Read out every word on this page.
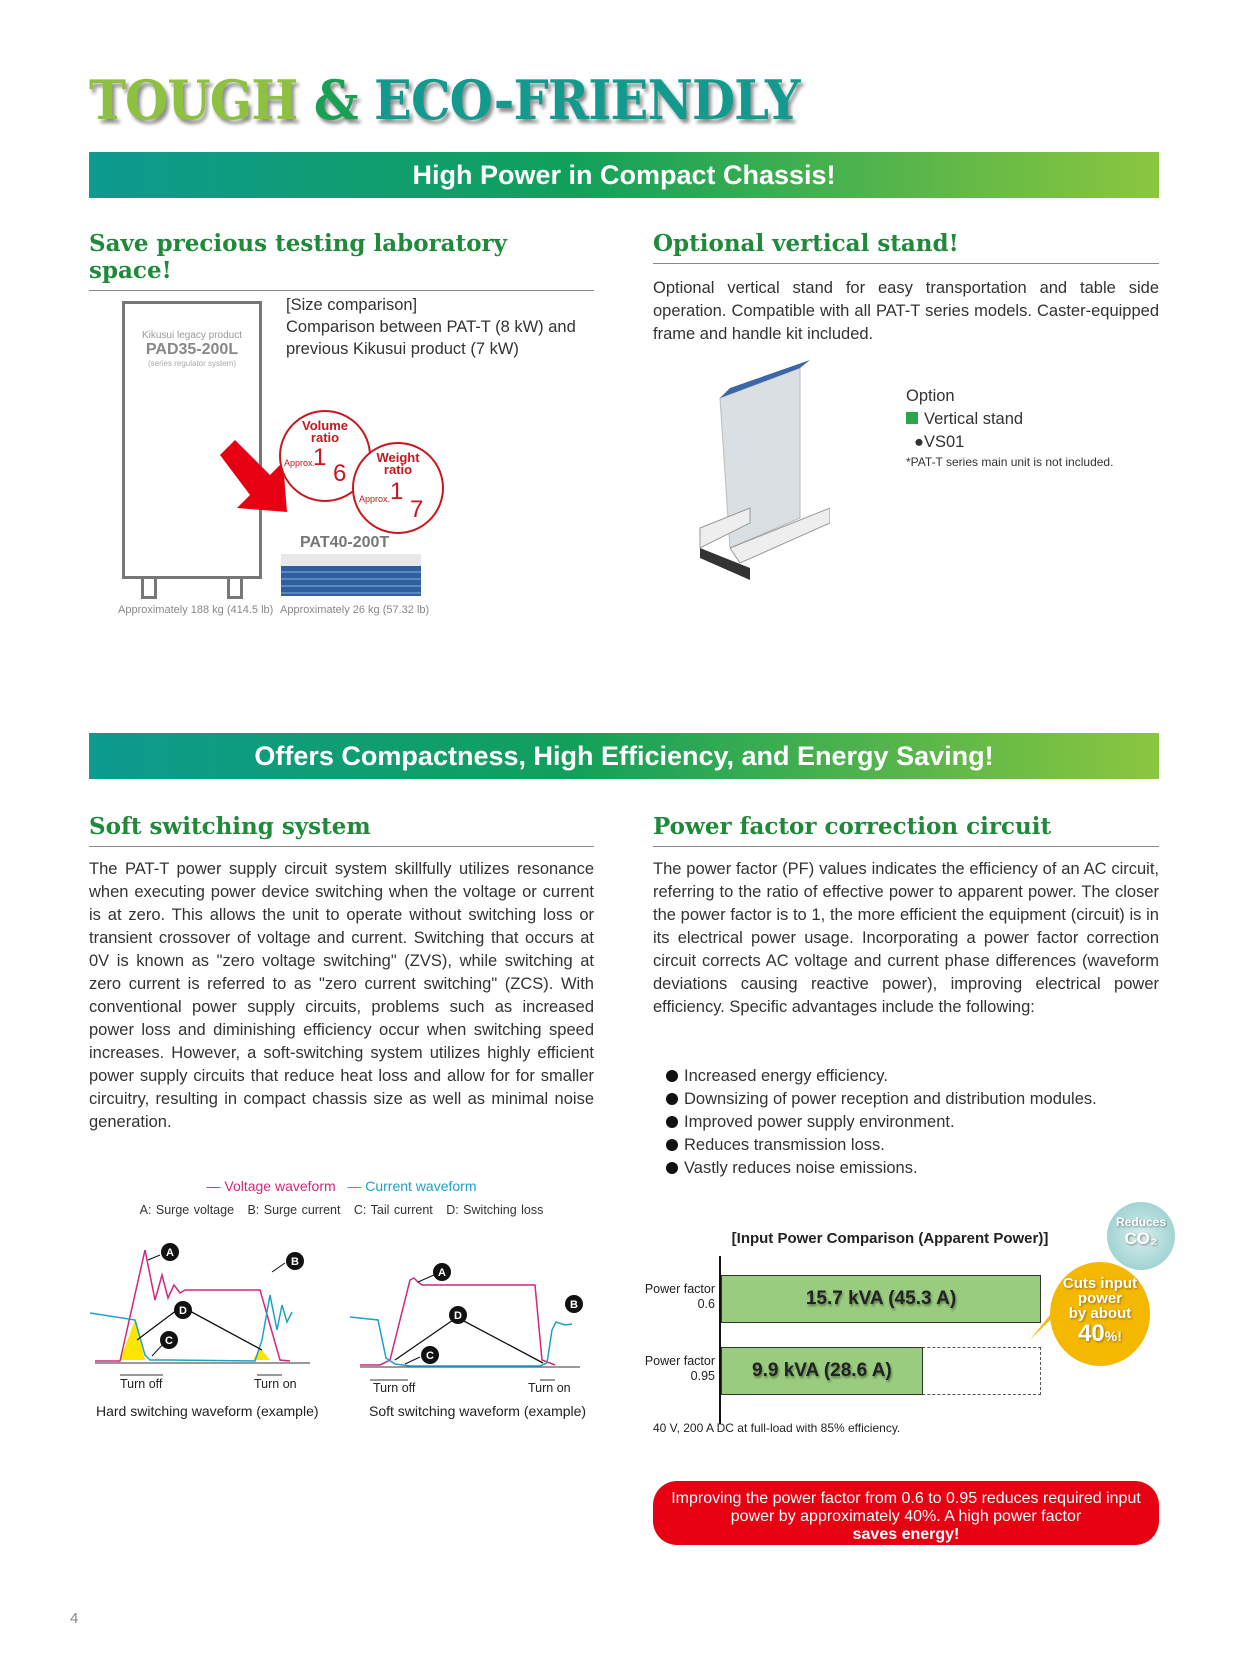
TOUGH & ECO-FRIENDLY
High Power in Compact Chassis!
Save precious testing laboratory space!
Kikusui legacy product
PAD35-200L
(series regulator system)
Approximately 188 kg (414.5 lb) Approximately 26 kg (57.32 lb)
[Size comparison]
Comparison between PAT-T (8 kW) and previous Kikusui product (7 kW)
Volume ratio
Approx.
1
6
Weight ratio
Approx. 1
7
PAT40-200T
Optional vertical stand!
Optional vertical stand for easy transportation and table side operation. Compatible with all PAT-T series models. Caster-equipped frame and handle kit included.
Option
Vertical stand
●VS01
*PAT-T series main unit is not included.
Offers Compactness, High Efficiency, and Energy Saving!
Soft switching system
The PAT-T power supply circuit system skillfully utilizes resonance when executing power device switching when the voltage or current is at zero. This allows the unit to operate without switching loss or transient crossover of voltage and current. Switching that occurs at 0V is known as "zero voltage switching" (ZVS), while switching at zero current is referred to as "zero current switching" (ZCS). With conventional power supply circuits, problems such as increased power loss and diminishing efficiency occur when switching speed increases. However, a soft-switching system utilizes highly efficient power supply circuits that reduce heat loss and allow for for smaller circuitry, resulting in compact chassis size as well as minimal noise generation.
— Voltage waveform — Current waveform
A: Surge voltage B: Surge current C: Tail current D: Switching loss
A
B
C
D
A
B
C
D
Turn off	Turn on	Turn off	Turn on
Hard switching waveform (example)	Soft switching waveform (example)
Power factor correction circuit
The power factor (PF) values indicates the efficiency of an AC circuit, referring to the ratio of effective power to apparent power. The closer the power factor is to 1, the more efficient the equipment (circuit) is in its electrical power usage. Incorporating a power factor correction circuit corrects AC voltage and current phase differences (waveform deviations causing reactive power), improving electrical power efficiency. Specific advantages include the following:
Increased energy efficiency.
Downsizing of power reception and distribution modules.
Improved power supply environment.
Reduces transmission loss.
Vastly reduces noise emissions.
[Input Power Comparison (Apparent Power)]
Power factor
0.6
Power factor
0.95
15.7 kVA (45.3 A)
9.9 kVA (28.6 A)
40 V, 200 A DC at full-load with 85% efficiency.
Cuts input
power
by about
40%!
Reduces
CO₂
Improving the power factor from 0.6 to 0.95 reduces required input power by approximately 40%. A high power factor
saves energy!
4
